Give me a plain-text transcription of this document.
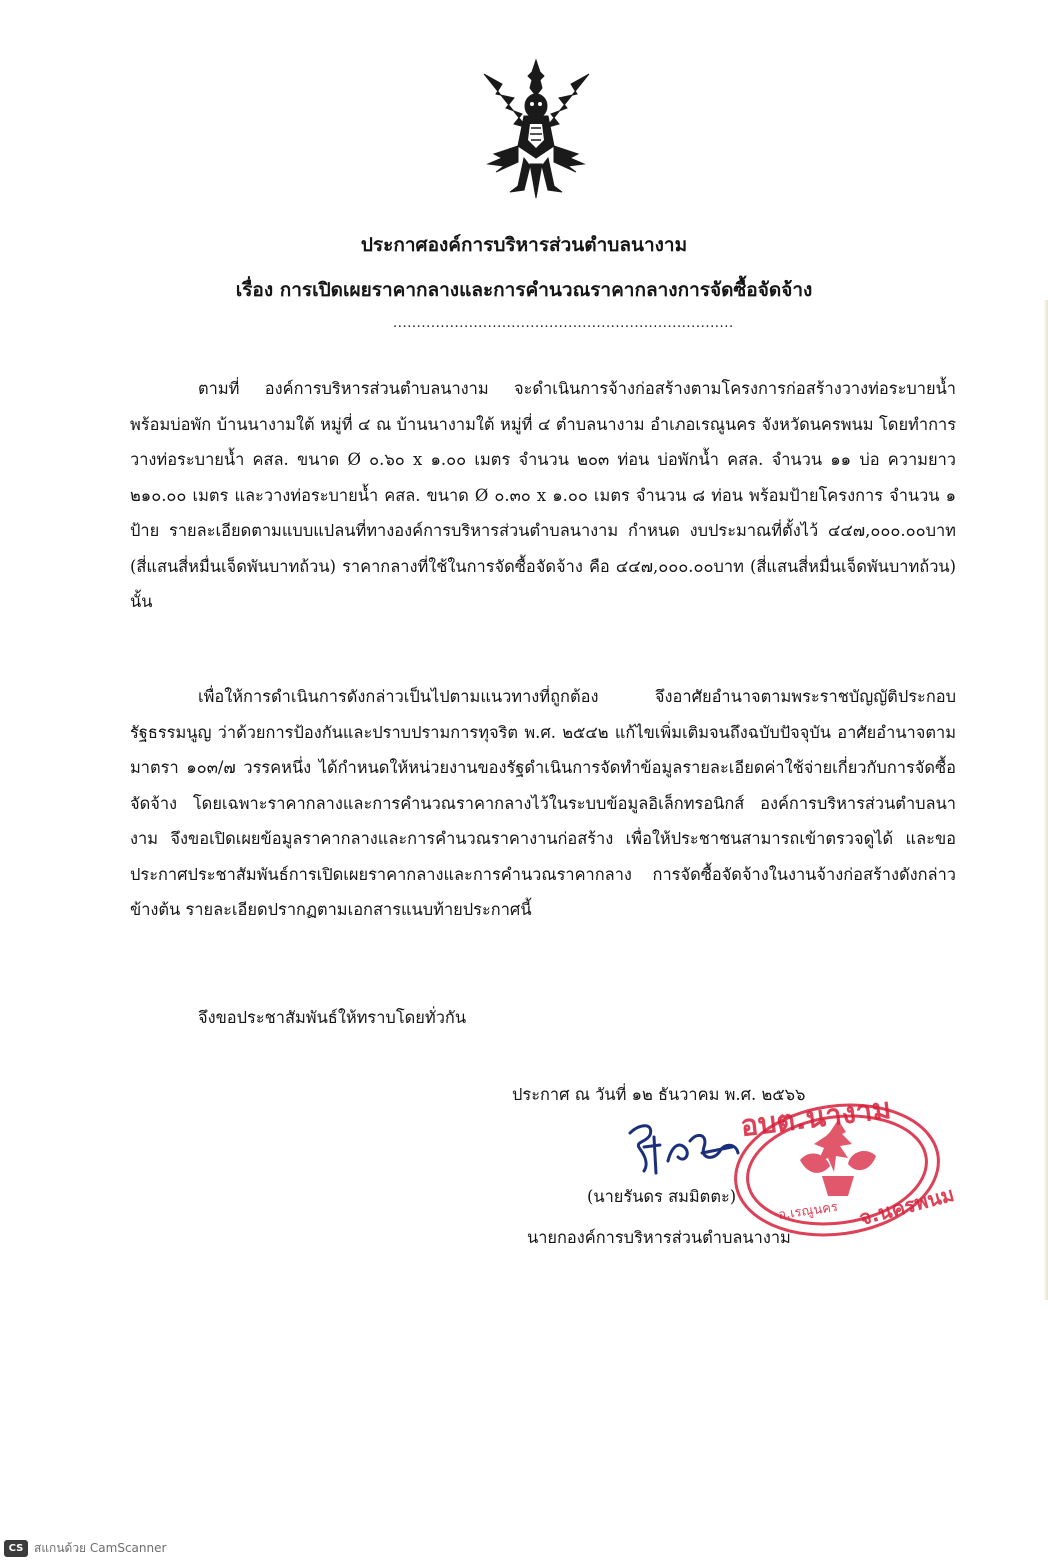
ประกาศองค์การบริหารส่วนตำบลนางาม
เรื่อง การเปิดเผยราคากลางและการคำนวณราคากลางการจัดซื้อจัดจ้าง
........................................................................

ตามที่ องค์การบริหารส่วนตำบลนางาม จะดำเนินการจ้างก่อสร้างตามโครงการก่อสร้างวางท่อระบายน้ำพร้อมบ่อพัก บ้านนางามใต้ หมู่ที่ ๔ ณ บ้านนางามใต้ หมู่ที่ ๔ ตำบลนางาม อำเภอเรณูนคร จังหวัดนครพนม โดยทำการวางท่อระบายน้ำ คสล. ขนาด Ø ๐.๖๐ x ๑.๐๐ เมตร จำนวน ๒๐๓ ท่อน บ่อพักน้ำ คสล. จำนวน ๑๑ บ่อ ความยาว ๒๑๐.๐๐ เมตร และวางท่อระบายน้ำ คสล. ขนาด Ø ๐.๓๐ x ๑.๐๐ เมตร จำนวน ๘ ท่อน พร้อมป้ายโครงการ จำนวน ๑ ป้าย รายละเอียดตามแบบแปลนที่ทางองค์การบริหารส่วนตำบลนางาม กำหนด งบประมาณที่ตั้งไว้ ๔๔๗,๐๐๐.๐๐บาท (สี่แสนสี่หมื่นเจ็ดพันบาทถ้วน) ราคากลางที่ใช้ในการจัดซื้อจัดจ้าง คือ ๔๔๗,๐๐๐.๐๐บาท (สี่แสนสี่หมื่นเจ็ดพันบาทถ้วน) นั้น

เพื่อให้การดำเนินการดังกล่าวเป็นไปตามแนวทางที่ถูกต้อง จึงอาศัยอำนาจตามพระราชบัญญัติประกอบรัฐธรรมนูญ ว่าด้วยการป้องกันและปราบปรามการทุจริต พ.ศ. ๒๕๔๒ แก้ไขเพิ่มเติมจนถึงฉบับปัจจุบัน อาศัยอำนาจตามมาตรา ๑๐๓/๗ วรรคหนึ่ง ได้กำหนดให้หน่วยงานของรัฐดำเนินการจัดทำข้อมูลรายละเอียดค่าใช้จ่ายเกี่ยวกับการจัดซื้อจัดจ้าง โดยเฉพาะราคากลางและการคำนวณราคากลางไว้ในระบบข้อมูลอิเล็กทรอนิกส์ องค์การบริหารส่วนตำบลนางาม จึงขอเปิดเผยข้อมูลราคากลางและการคำนวณราคางานก่อสร้าง เพื่อให้ประชาชนสามารถเข้าตรวจดูได้ และขอประกาศประชาสัมพันธ์การเปิดเผยราคากลางและการคำนวณราคากลาง การจัดซื้อจัดจ้างในงานจ้างก่อสร้างดังกล่าวข้างต้น รายละเอียดปรากฏตามเอกสารแนบท้ายประกาศนี้

จึงขอประชาสัมพันธ์ให้ทราบโดยทั่วกัน
ประกาศ ณ วันที่ ๑๒ ธันวาคม พ.ศ. ๒๕๖๖
อบต.นางาม
อ.เรณูนคร จ.นครพนม
(นายรันดร สมมิตตะ)
นายกองค์การบริหารส่วนตำบลนางาม
CS สแกนด้วย CamScanner
